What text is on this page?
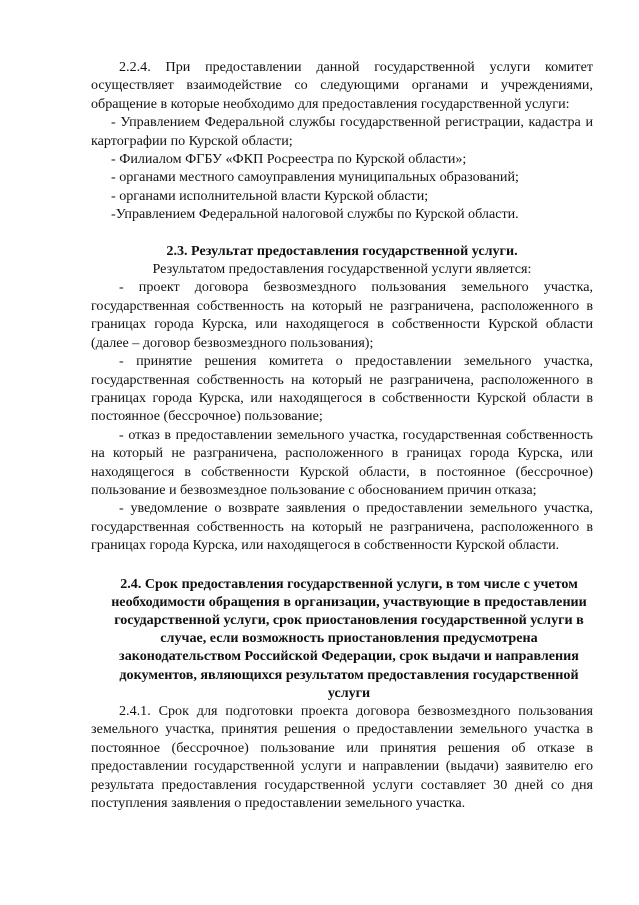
2.2.4. При предоставлении данной государственной услуги комитет осуществляет взаимодействие со следующими органами и учреждениями, обращение в которые необходимо для предоставления государственной услуги:

- Управлением Федеральной службы государственной регистрации, кадастра и картографии по Курской области;

- Филиалом ФГБУ «ФКП Росреестра по Курской области»;

- органами местного самоуправления муниципальных образований;

- органами исполнительной власти Курской области;

-Управлением Федеральной налоговой службы по Курской области.

2.3. Результат предоставления государственной услуги.

Результатом предоставления государственной услуги является:

- проект договора безвозмездного пользования земельного участка, государственная собственность на который не разграничена, расположенного в границах города Курска, или находящегося в собственности Курской области (далее – договор безвозмездного пользования);

- принятие решения комитета о предоставлении земельного участка, государственная собственность на который не разграничена, расположенного в границах города Курска, или находящегося в собственности Курской области в постоянное (бессрочное) пользование;

- отказ в предоставлении земельного участка, государственная собственность на который не разграничена, расположенного в границах города Курска, или находящегося в собственности Курской области, в постоянное (бессрочное) пользование и безвозмездное пользование с обоснованием причин отказа;

- уведомление о возврате заявления о предоставлении земельного участка, государственная собственность на который не разграничена, расположенного в границах города Курска, или находящегося в собственности Курской области.

2.4. Срок предоставления государственной услуги, в том числе с учетом необходимости обращения в организации, участвующие в предоставлении государственной услуги, срок приостановления государственной услуги в случае, если возможность приостановления предусмотрена законодательством Российской Федерации, срок выдачи и направления документов, являющихся результатом предоставления государственной услуги

2.4.1. Срок для подготовки проекта договора безвозмездного пользования земельного участка, принятия решения о предоставлении земельного участка в постоянное (бессрочное) пользование или принятия решения об отказе в предоставлении государственной услуги и направлении (выдачи) заявителю его результата предоставления государственной услуги составляет 30 дней со дня поступления заявления о предоставлении земельного участка.
